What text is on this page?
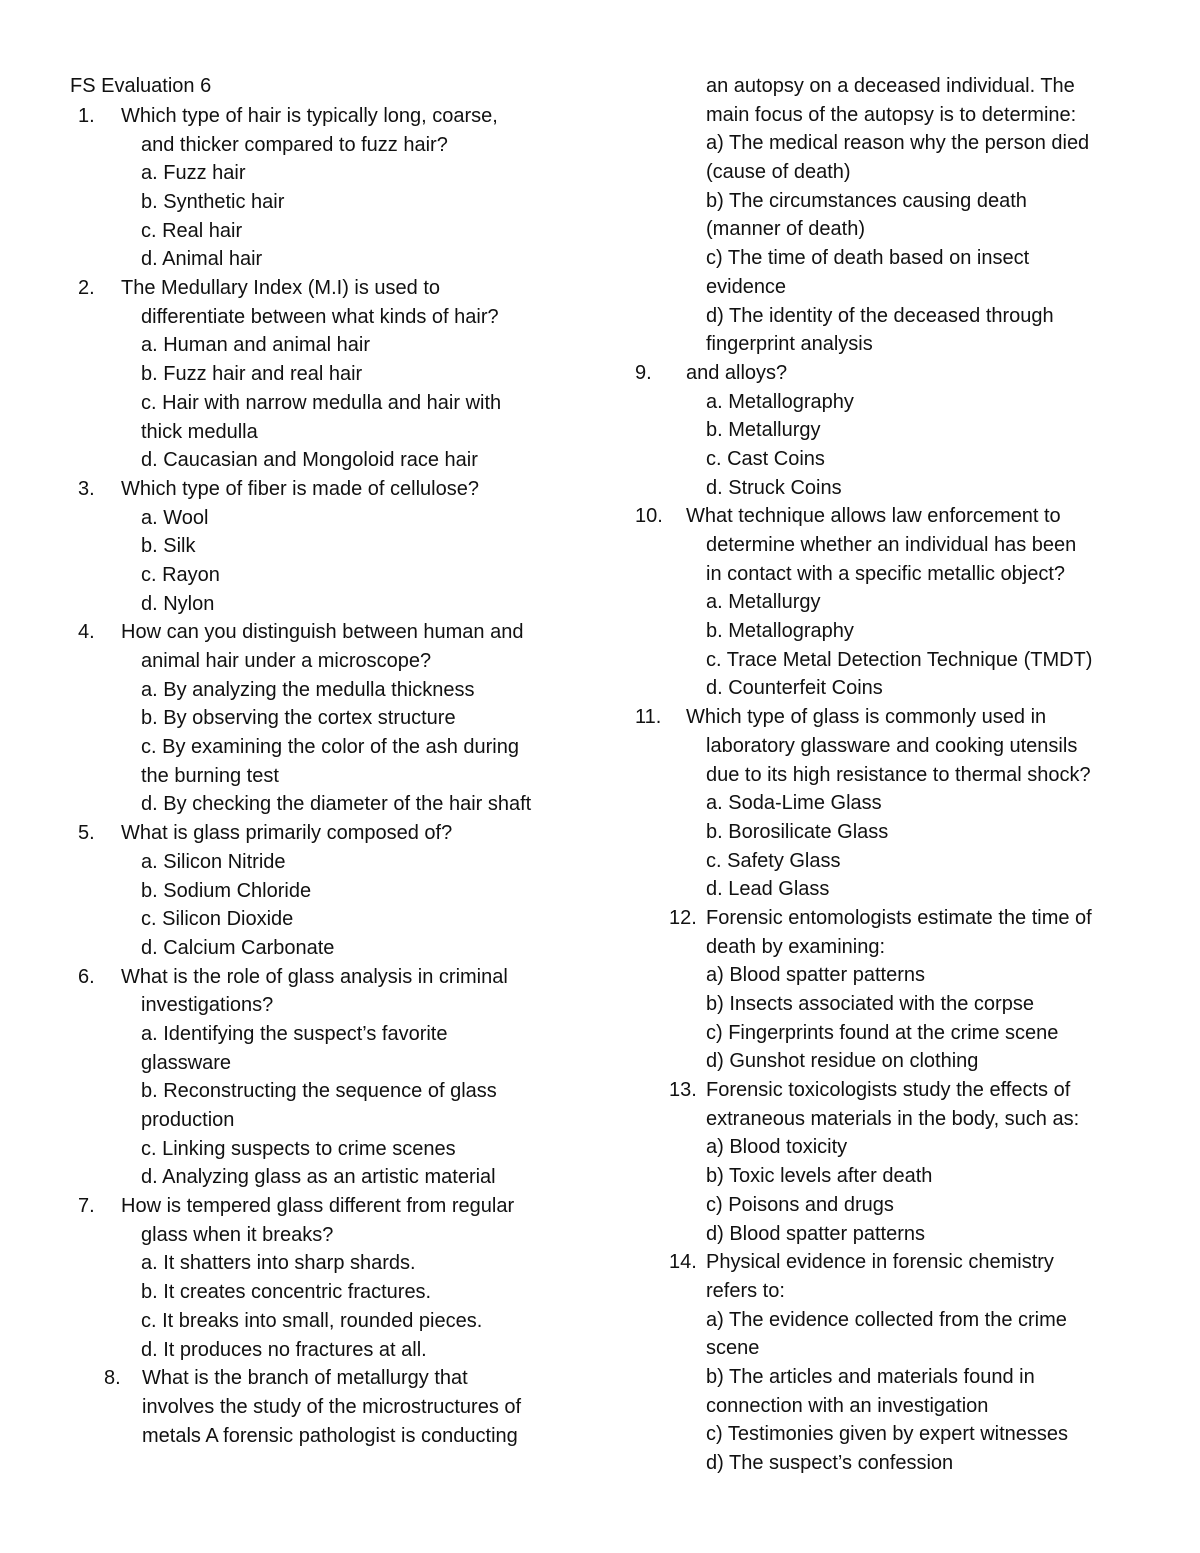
FS Evaluation 6
1. Which type of hair is typically long, coarse,
and thicker compared to fuzz hair?
a. Fuzz hair
b. Synthetic hair
c. Real hair
d. Animal hair
2. The Medullary Index (M.I) is used to
differentiate between what kinds of hair?
a. Human and animal hair
b. Fuzz hair and real hair
c. Hair with narrow medulla and hair with
thick medulla
d. Caucasian and Mongoloid race hair
3. Which type of fiber is made of cellulose?
a. Wool
b. Silk
c. Rayon
d. Nylon
4. How can you distinguish between human and
animal hair under a microscope?
a. By analyzing the medulla thickness
b. By observing the cortex structure
c. By examining the color of the ash during
the burning test
d. By checking the diameter of the hair shaft
5. What is glass primarily composed of?
a. Silicon Nitride
b. Sodium Chloride
c. Silicon Dioxide
d. Calcium Carbonate
6. What is the role of glass analysis in criminal
investigations?
a. Identifying the suspect’s favorite
glassware
b. Reconstructing the sequence of glass
production
c. Linking suspects to crime scenes
d. Analyzing glass as an artistic material
7. How is tempered glass different from regular
glass when it breaks?
a. It shatters into sharp shards.
b. It creates concentric fractures.
c. It breaks into small, rounded pieces.
d. It produces no fractures at all.
8. What is the branch of metallurgy that
involves the study of the microstructures of
metals A forensic pathologist is conducting
an autopsy on a deceased individual. The
main focus of the autopsy is to determine:
a) The medical reason why the person died
(cause of death)
b) The circumstances causing death
(manner of death)
c) The time of death based on insect
evidence
d) The identity of the deceased through
fingerprint analysis
9. and alloys?
a. Metallography
b. Metallurgy
c. Cast Coins
d. Struck Coins
10. What technique allows law enforcement to
determine whether an individual has been
in contact with a specific metallic object?
a. Metallurgy
b. Metallography
c. Trace Metal Detection Technique (TMDT)
d. Counterfeit Coins
11. Which type of glass is commonly used in
laboratory glassware and cooking utensils
due to its high resistance to thermal shock?
a. Soda-Lime Glass
b. Borosilicate Glass
c. Safety Glass
d. Lead Glass
12. Forensic entomologists estimate the time of
death by examining:
a) Blood spatter patterns
b) Insects associated with the corpse
c) Fingerprints found at the crime scene
d) Gunshot residue on clothing
13. Forensic toxicologists study the effects of
extraneous materials in the body, such as:
a) Blood toxicity
b) Toxic levels after death
c) Poisons and drugs
d) Blood spatter patterns
14. Physical evidence in forensic chemistry
refers to:
a) The evidence collected from the crime
scene
b) The articles and materials found in
connection with an investigation
c) Testimonies given by expert witnesses
d) The suspect’s confession
